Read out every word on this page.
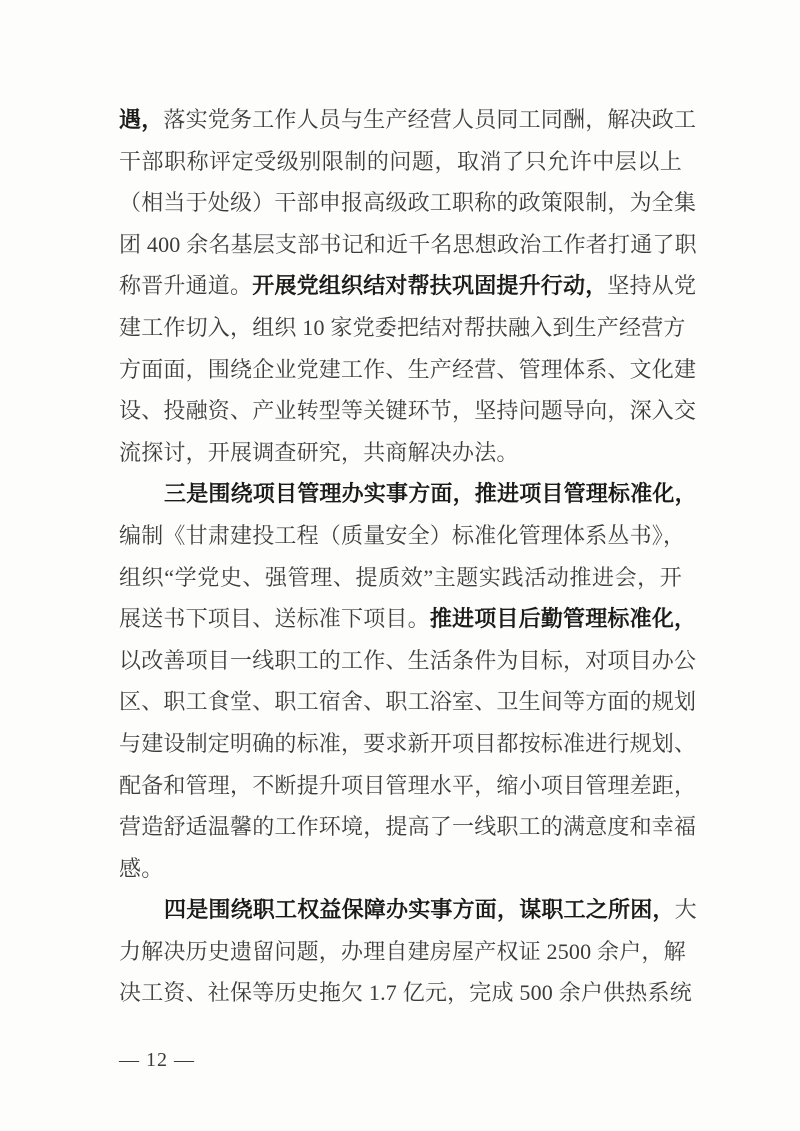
遇，落实党务工作人员与生产经营人员同工同酬，解决政工
干部职称评定受级别限制的问题，取消了只允许中层以上
（相当于处级）干部申报高级政工职称的政策限制，为全集
团 400 余名基层支部书记和近千名思想政治工作者打通了职
称晋升通道。开展党组织结对帮扶巩固提升行动，坚持从党
建工作切入，组织 10 家党委把结对帮扶融入到生产经营方
方面面，围绕企业党建工作、生产经营、管理体系、文化建
设、投融资、产业转型等关键环节，坚持问题导向，深入交
流探讨，开展调查研究，共商解决办法。
三是围绕项目管理办实事方面，推进项目管理标准化，
编制《甘肃建投工程（质量安全）标准化管理体系丛书》，
组织“学党史、强管理、提质效”主题实践活动推进会，开
展送书下项目、送标准下项目。推进项目后勤管理标准化，
以改善项目一线职工的工作、生活条件为目标，对项目办公
区、职工食堂、职工宿舍、职工浴室、卫生间等方面的规划
与建设制定明确的标准，要求新开项目都按标准进行规划、
配备和管理，不断提升项目管理水平，缩小项目管理差距，
营造舒适温馨的工作环境，提高了一线职工的满意度和幸福
感。
四是围绕职工权益保障办实事方面，谋职工之所困，大
力解决历史遗留问题，办理自建房屋产权证 2500 余户，解
决工资、社保等历史拖欠 1.7 亿元，完成 500 余户供热系统
— 12 —
